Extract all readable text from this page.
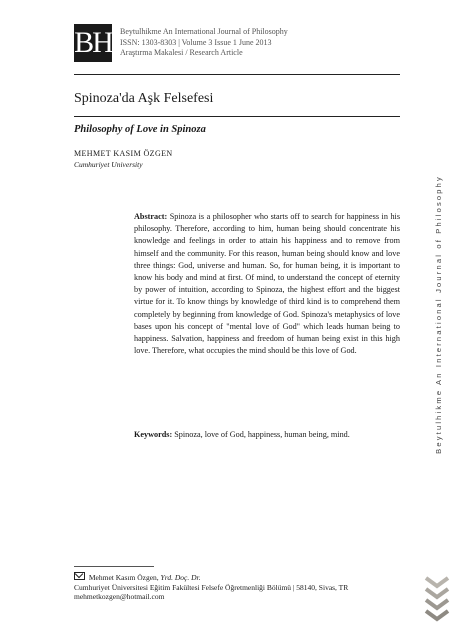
BH Beytulhikme An International Journal of Philosophy
ISSN: 1303-8303 | Volume 3 Issue 1 June 2013
Araştırma Makalesi / Research Article
Spinoza'da Aşk Felsefesi
Philosophy of Love in Spinoza
MEHMET KASIM ÖZGEN
Cumhuriyet University
Abstract: Spinoza is a philosopher who starts off to search for happiness in his philosophy. Therefore, according to him, human being should concentrate his knowledge and feelings in order to attain his happiness and to remove from himself and the community. For this reason, human being should know and love three things: God, universe and human. So, for human being, it is important to know his body and mind at first. Of mind, to understand the concept of eternity by power of intuition, according to Spinoza, the highest effort and the biggest virtue for it. To know things by knowledge of third kind is to comprehend them completely by beginning from knowledge of God. Spinoza's metaphysics of love bases upon his concept of "mental love of God" which leads human being to happiness. Salvation, happiness and freedom of human being exist in this high love. Therefore, what occupies the mind should be this love of God.
Keywords: Spinoza, love of God, happiness, human being, mind.	Beytulhikme An International Journal of Philosophy
Mehmet Kasım Özgen, Yrd. Doç. Dr.
Cumhuriyet Üniversitesi Eğitim Fakültesi Felsefe Öğretmenliği Bölümü | 58140, Sivas, TR
mehmetkozgen@hotmail.com
